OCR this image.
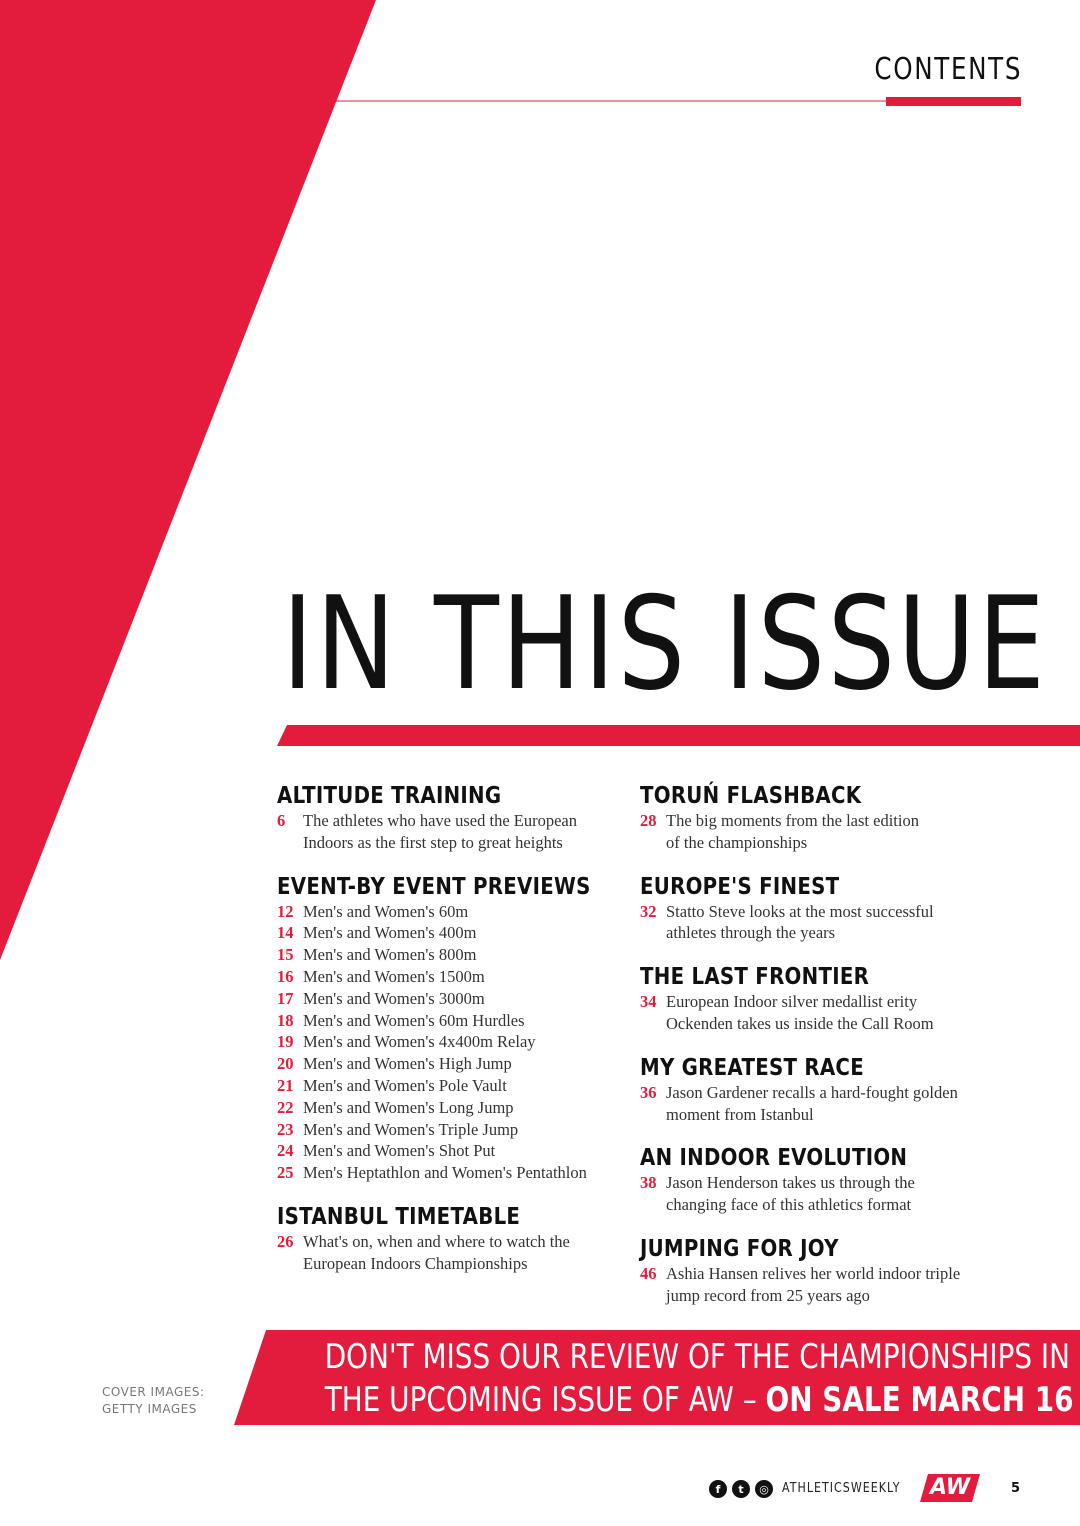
CONTENTS
IN THIS ISSUE
ALTITUDE TRAINING
6	The athletes who have used the European
Indoors as the first step to great heights
EVENT-BY EVENT PREVIEWS
12 Men's and Women's 60m
14 Men's and Women's 400m
15 Men's and Women's 800m
16 Men's and Women's 1500m
17 Men's and Women's 3000m
18 Men's and Women's 60m Hurdles
19 Men's and Women's 4x400m Relay
20 Men's and Women's High Jump
21 Men's and Women's Pole Vault
22 Men's and Women's Long Jump
23 Men's and Women's Triple Jump
24 Men's and Women's Shot Put
25 Men's Heptathlon and Women's Pentathlon
ISTANBUL TIMETABLE
26 What's on, when and where to watch the
European Indoors Championships
TORUŃ FLASHBACK
28 The big moments from the last edition
of the championships
EUROPE'S FINEST
32 Statto Steve looks at the most successful
athletes through the years
THE LAST FRONTIER
34 European Indoor silver medallist erity
Ockenden takes us inside the Call Room
MY GREATEST RACE
36 Jason Gardener recalls a hard-fought golden
moment from Istanbul
AN INDOOR EVOLUTION
38 Jason Henderson takes us through the
changing face of this athletics format
JUMPING FOR JOY
46 Ashia Hansen relives her world indoor triple
jump record from 25 years ago
DON'T MISS OUR REVIEW OF THE CHAMPIONSHIPS IN
THE UPCOMING ISSUE OF AW – ON SALE MARCH 16
COVER IMAGES:
GETTY IMAGES
f	t	◎	ATHLETICSWEEKLY	AW	5
